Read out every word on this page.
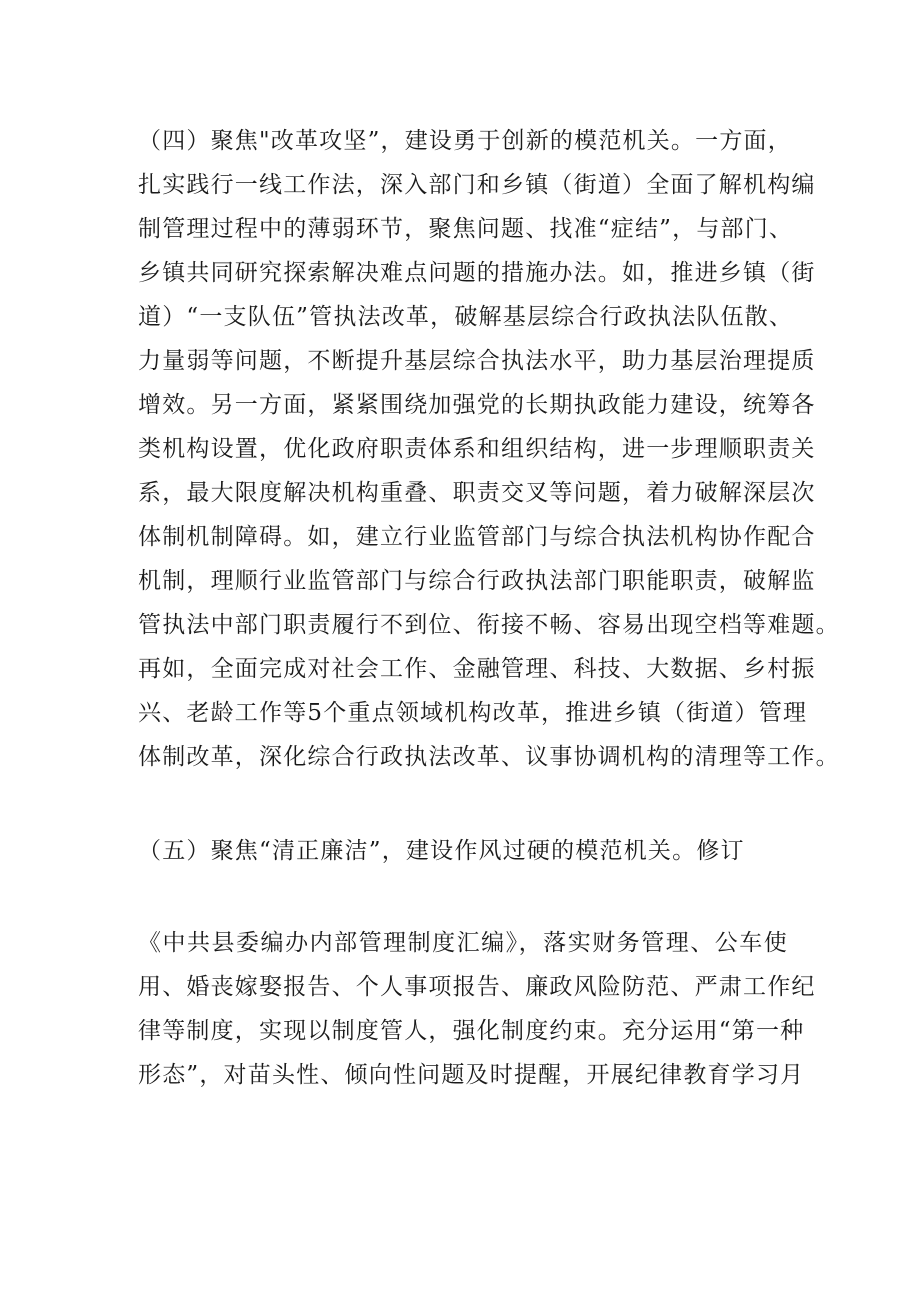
（四）聚焦"改革攻坚”，建设勇于创新的模范机关。一方面，
扎实践行一线工作法，深入部门和乡镇（街道）全面了解机构编
制管理过程中的薄弱环节，聚焦问题、找准“症结”，与部门、
乡镇共同研究探索解决难点问题的措施办法。如，推进乡镇（街
道）“一支队伍”管执法改革，破解基层综合行政执法队伍散、
力量弱等问题，不断提升基层综合执法水平，助力基层治理提质
增效。另一方面，紧紧围绕加强党的长期执政能力建设，统筹各
类机构设置，优化政府职责体系和组织结构，进一步理顺职责关
系，最大限度解决机构重叠、职责交叉等问题，着力破解深层次
体制机制障碍。如，建立行业监管部门与综合执法机构协作配合
机制，理顺行业监管部门与综合行政执法部门职能职责，破解监
管执法中部门职责履行不到位、衔接不畅、容易出现空档等难题。
再如，全面完成对社会工作、金融管理、科技、大数据、乡村振
兴、老龄工作等5个重点领域机构改革，推进乡镇（街道）管理
体制改革，深化综合行政执法改革、议事协调机构的清理等工作。
（五）聚焦“清正廉洁”，建设作风过硬的模范机关。修订
《中共县委编办内部管理制度汇编》，落实财务管理、公车使
用、婚丧嫁娶报告、个人事项报告、廉政风险防范、严肃工作纪
律等制度，实现以制度管人，强化制度约束。充分运用“第一种
形态”，对苗头性、倾向性问题及时提醒，开展纪律教育学习月
